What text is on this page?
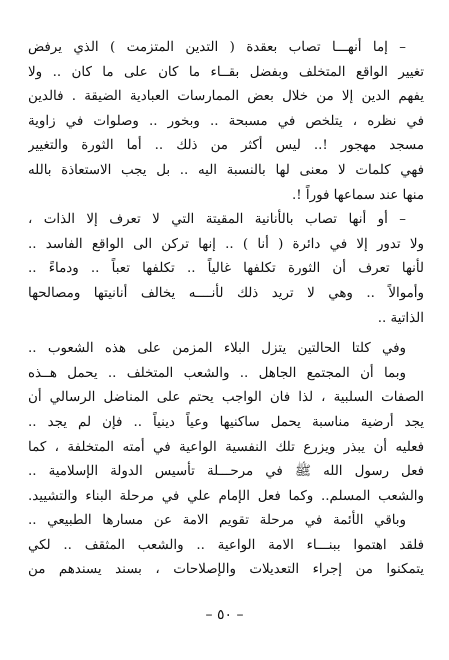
– إما أنهـــا تصاب بعقدة ( التدين المتزمت ) الذي يرفض
تغيير الواقع المتخلف وبفضل بقــاء ما كان على ما كان .. ولا
يفهم الدين إلا من خلال بعض الممارسات العبادية الضيقة . فالدين
في نظره ، يتلخص في مسبحة .. وبخور .. وصلوات في زاوية
مسجد مهجور !.. ليس أكثر من ذلك .. أما الثورة والتغيير
فهي كلمات لا معنى لها بالنسبة اليه .. بل يجب الاستعاذة بالله
منها عند سماعها فوراً !.
– أو أنها تصاب بالأنانية المقيتة التي لا تعرف إلا الذات ،
ولا تدور إلا في دائرة ( أنا ) .. إنها تركن الى الواقع الفاسد ..
لأنها تعرف أن الثورة تكلفها غالياً .. تكلفها تعباً .. ودماءً ..
وأموالاً .. وهي لا تريد ذلك لأنــــه يخالف أنانيتها ومصالحها
الذاتية ..
وفي كلتا الحالتين يتزل البلاء المزمن على هذه الشعوب ..
وبما أن المجتمع الجاهل .. والشعب المتخلف .. يحمل هــذه
الصفات السلبية ، لذا فان الواجب يحتم على المناضل الرسالي أن
يجد أرضية مناسبة يحمل ساكنيها وعياً دينياً .. فإن لم يجد ..
فعليه أن يبذر ويزرع تلك النفسية الواعية في أمته المتخلفة ، كما
فعل رسول الله ﷺ في مرحـــلة تأسيس الدولة الإسلامية ..
والشعب المسلم.. وكما فعل الإمام علي في مرحلة البناء والتشييد.
وباقي الأئمة في مرحلة تقويم الامة عن مسارها الطبيعي ..
فلقد اهتموا ببنـــاء الامة الواعية .. والشعب المثقف .. لكي
يتمكنوا من إجراء التعديلات والإصلاحات ، بسند يسندهم من
– ٥٠ –
